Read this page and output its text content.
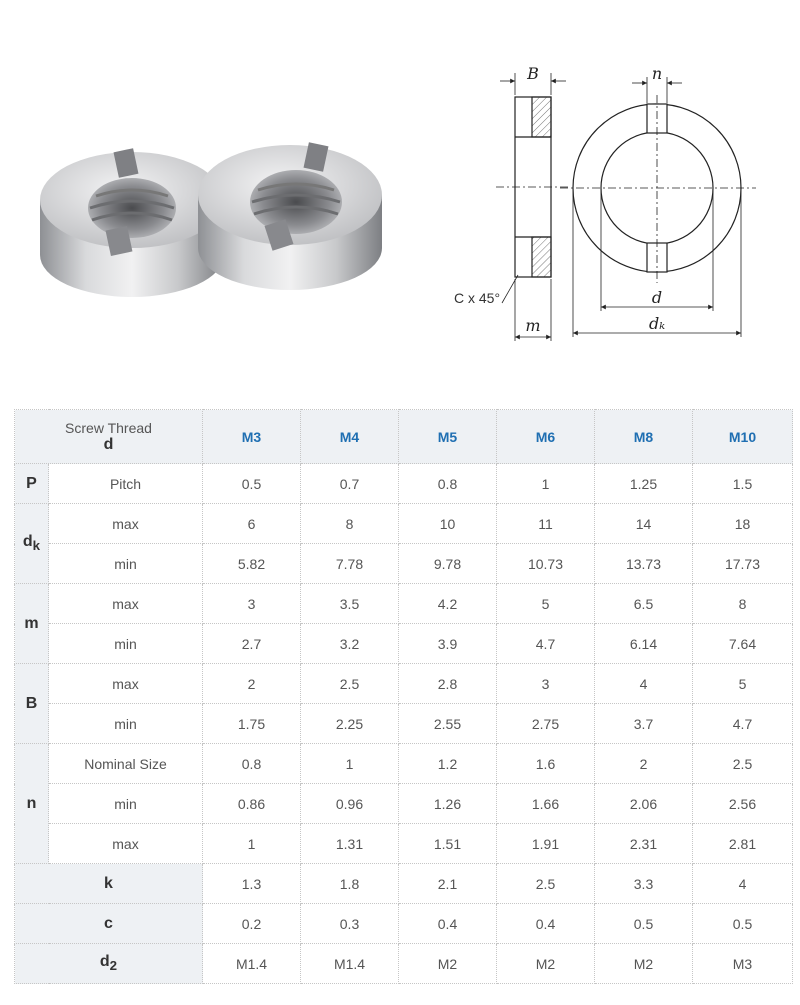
B
C x 45°
m
n
d
dₖ
Screw Thread
d		M3	M4	M5	M6	M8	M10
P	Pitch	0.5	0.7	0.8	1	1.25	1.5
$d_k$	max	6	8	10	11	14	18
	min	5.82	7.78	9.78	10.73	13.73	17.73
m	max	3	3.5	4.2	5	6.5	8
	min	2.7	3.2	3.9	4.7	6.14	7.64
B	max	2	2.5	2.8	3	4	5
	min	1.75	2.25	2.55	2.75	3.7	4.7
n	Nominal Size	0.8	1	1.2	1.6	2	2.5
	min	0.86	0.96	1.26	1.66	2.06	2.56
	max	1	1.31	1.51	1.91	2.31	2.81
k		1.3	1.8	2.1	2.5	3.3	4
c		0.2	0.3	0.4	0.4	0.5	0.5
$d_2$		M1.4	M1.4	M2	M2	M2	M3
